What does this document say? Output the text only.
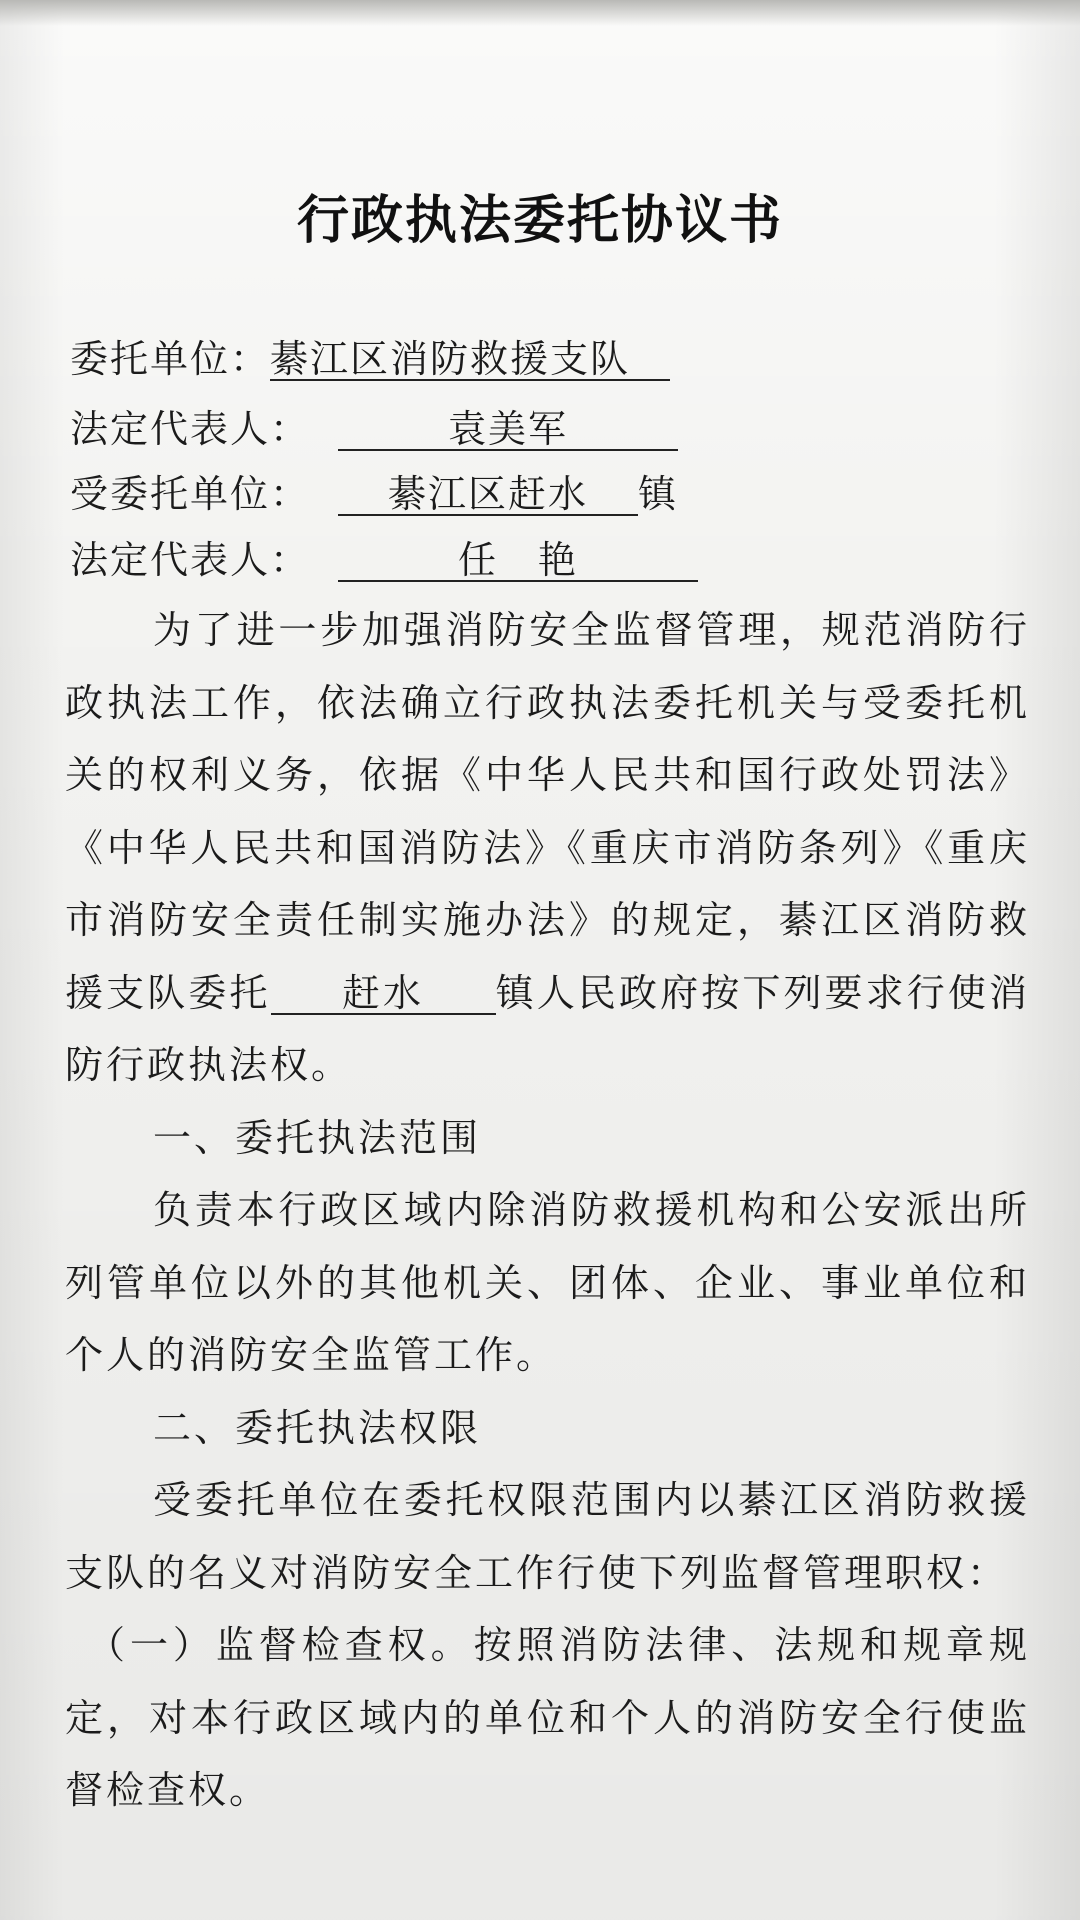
行政执法委托协议书
委托单位：綦江区消防救援支队
法定代表人：	袁美军
受委托单位： 綦江区赶水 镇
法定代表人：	任　艳

为了进一步加强消防安全监督管理，规范消防行政执法工作，依法确立行政执法委托机关与受委托机关的权利义务，依据《中华人民共和国行政处罚法》《中华人民共和国消防法》《重庆市消防条列》《重庆市消防安全责任制实施办法》的规定，綦江区消防救援支队委托 赶水 镇人民政府按下列要求行使消防行政执法权。

一、委托执法范围

负责本行政区域内除消防救援机构和公安派出所列管单位以外的其他机关、团体、企业、事业单位和个人的消防安全监管工作。

二、委托执法权限

受委托单位在委托权限范围内以綦江区消防救援支队的名义对消防安全工作行使下列监督管理职权：

（一）监督检查权。按照消防法律、法规和规章规定，对本行政区域内的单位和个人的消防安全行使监督检查权。
